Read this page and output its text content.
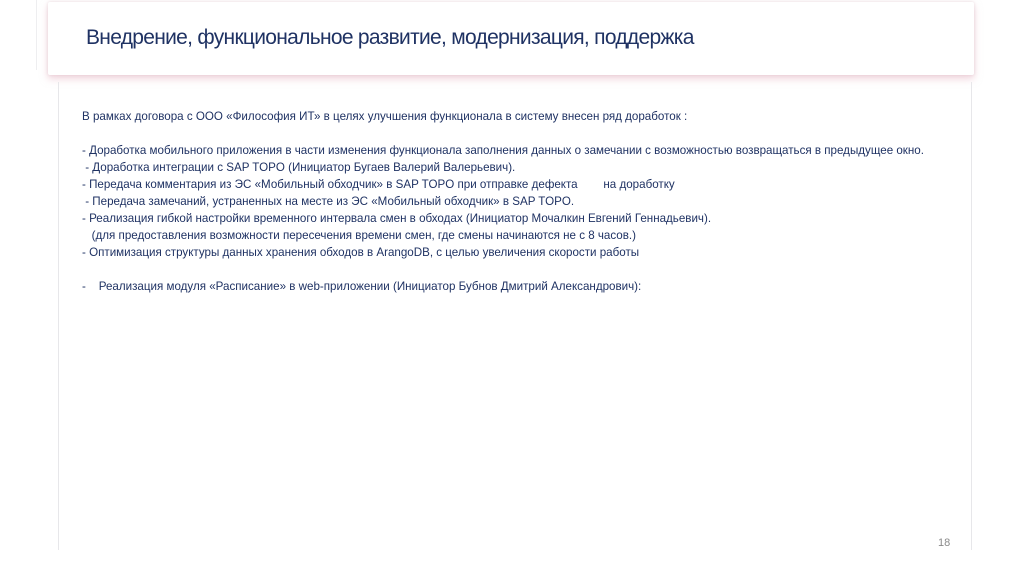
Внедрение, функциональное развитие, модернизация, поддержка
В рамках договора с ООО «Философия ИТ» в целях улучшения функционала в систему внесен ряд доработок :
- Доработка мобильного приложения в части изменения функционала заполнения данных о замечании с возможностью возвращаться в предыдущее окно.
- Доработка интеграции с SAP TOPO (Инициатор Бугаев Валерий Валерьевич).
- Передача комментария из ЭС «Мобильный обходчик» в SAP TOPO при отправке дефекта        на доработку
- Передача замечаний, устраненных на месте из ЭС «Мобильный обходчик» в SAP TOPO.
- Реализация гибкой настройки временного интервала смен в обходах (Инициатор Мочалкин Евгений Геннадьевич).
(для предоставления возможности пересечения времени смен, где смены начинаются не с 8 часов.)
- Оптимизация структуры данных хранения обходов в ArangoDB, с целью увеличения скорости работы
-    Реализация модуля «Расписание» в web-приложении (Инициатор Бубнов Дмитрий Александрович):
18
